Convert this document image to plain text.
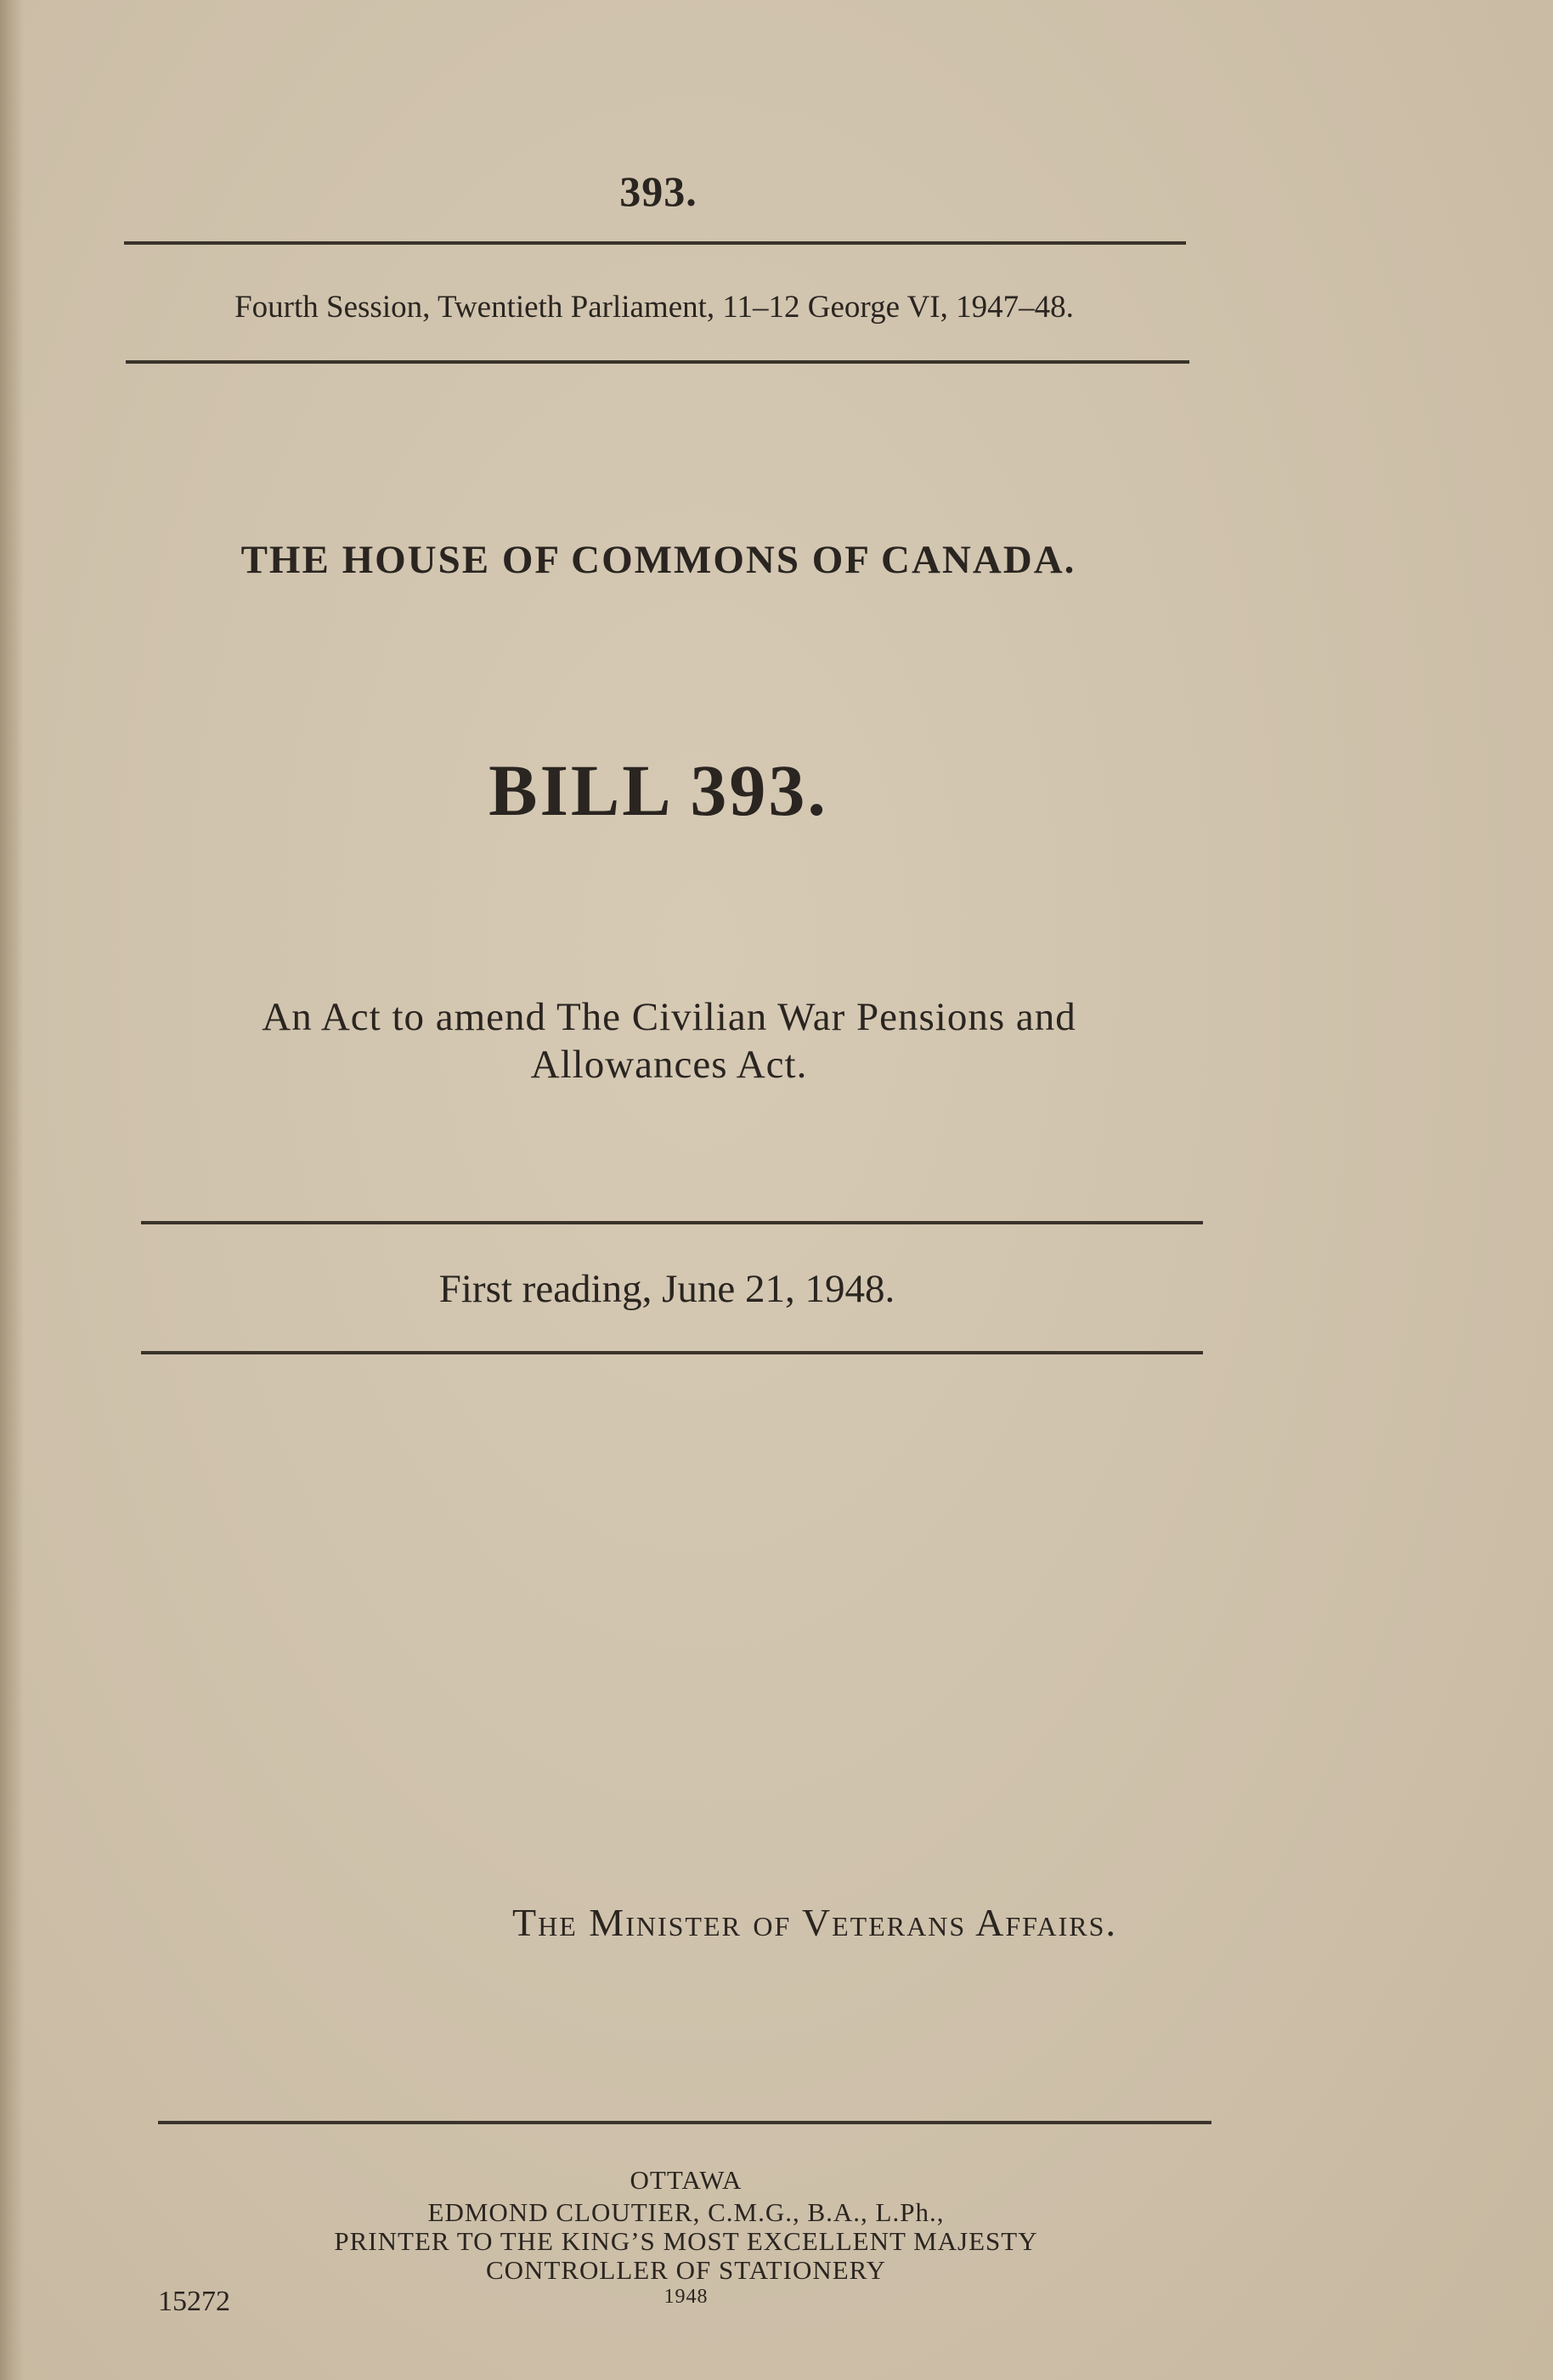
393.
Fourth Session, Twentieth Parliament, 11–12 George VI, 1947–48.
THE HOUSE OF COMMONS OF CANADA.
BILL 393.
An Act to amend The Civilian War Pensions and
Allowances Act.
First reading, June 21, 1948.
The Minister of Veterans Affairs.
OTTAWA
EDMOND CLOUTIER, C.M.G., B.A., L.Ph.,
PRINTER TO THE KING’S MOST EXCELLENT MAJESTY
CONTROLLER OF STATIONERY
1948
15272
